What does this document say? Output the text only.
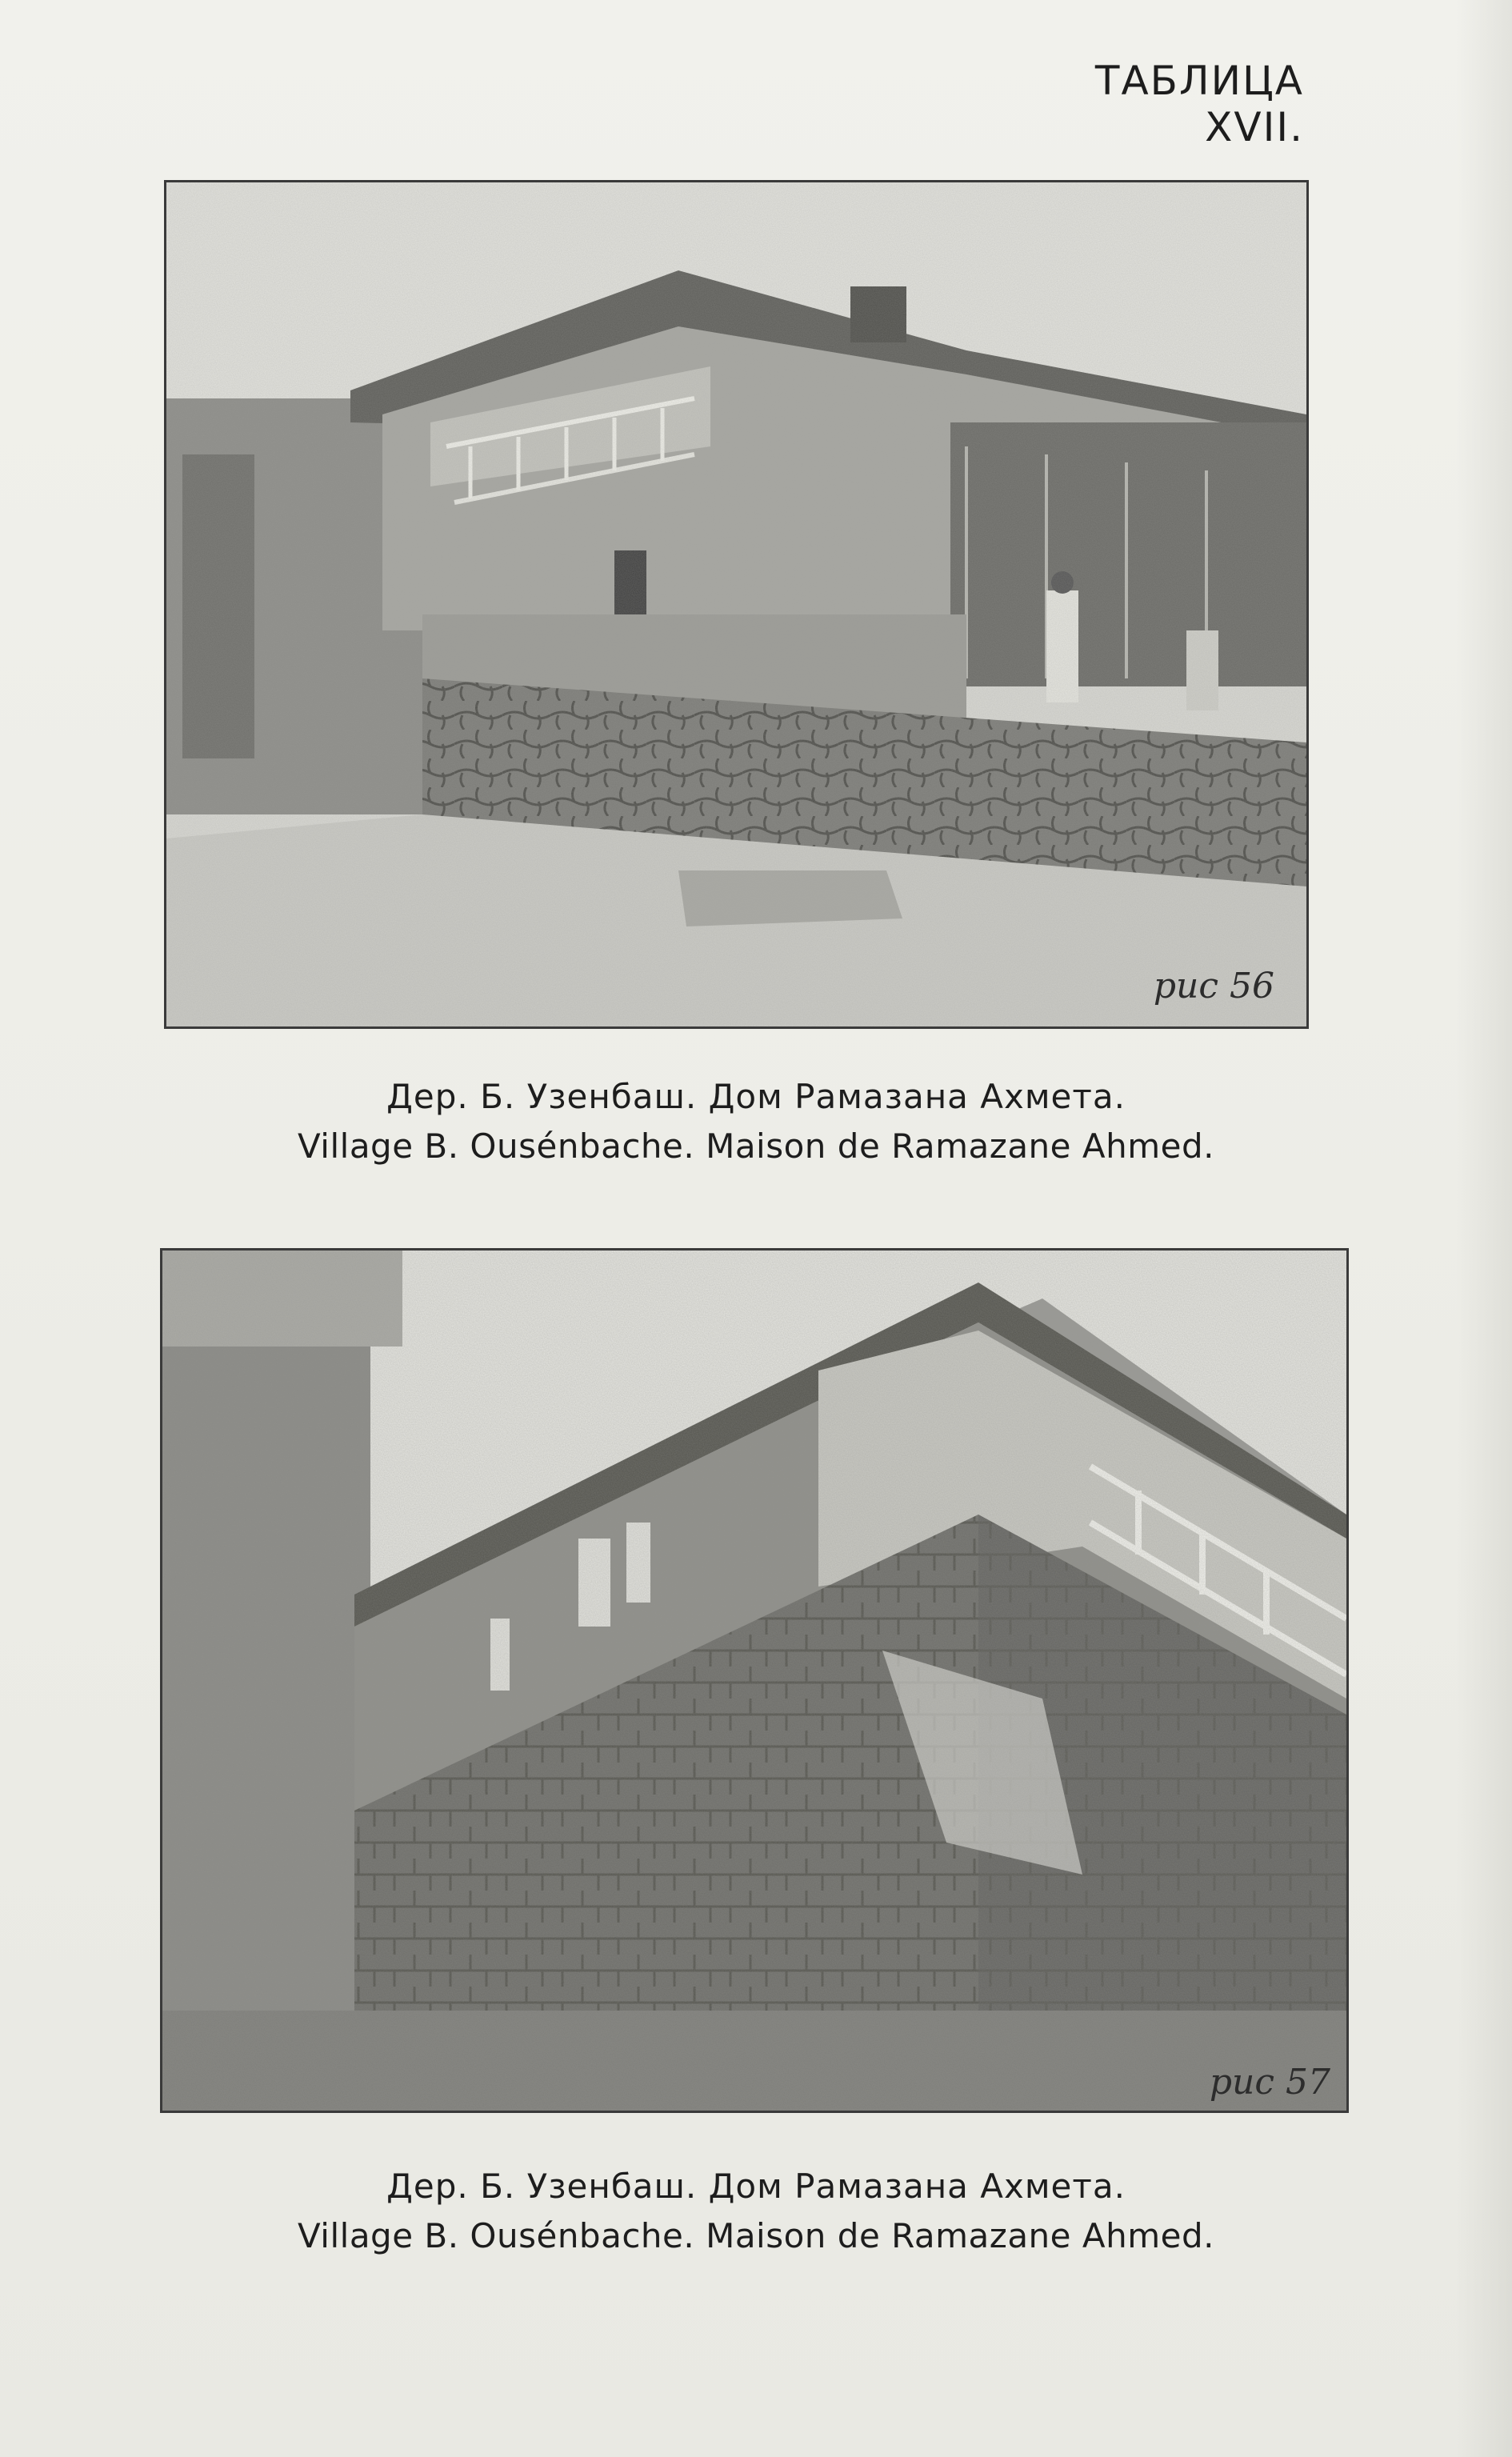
ТАБЛИЦА XVII.
рис 56
Дер. Б. Узенбаш. Дом Рамазана Ахмета.
Village B. Ousénbache. Maison de Ramazane Ahmed.
рис 57
Дер. Б. Узенбаш. Дом Рамазана Ахмета.
Village B. Ousénbache. Maison de Ramazane Ahmed.
